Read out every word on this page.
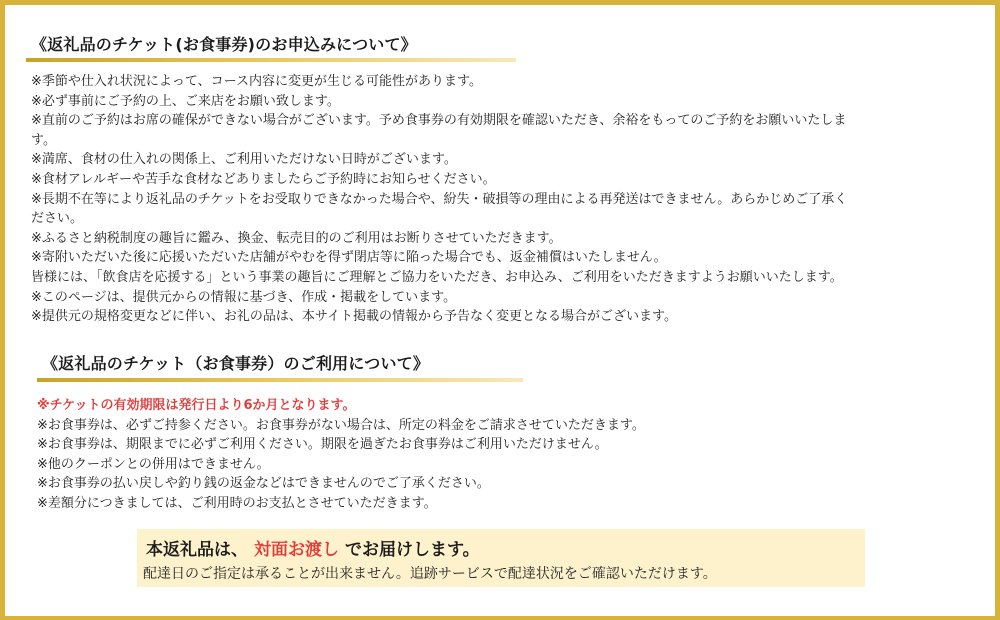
《返礼品のチケット(お食事券)のお申込みについて》
※季節や仕入れ状況によって、コース内容に変更が生じる可能性があります。
※必ず事前にご予約の上、ご来店をお願い致します。
※直前のご予約はお席の確保ができない場合がございます。予め食事券の有効期限を確認いただき、余裕をもってのご予約をお願いいたしま
す。
※満席、食材の仕入れの関係上、ご利用いただけない日時がございます。
※食材アレルギーや苦手な食材などありましたらご予約時にお知らせください。
※長期不在等により返礼品のチケットをお受取りできなかった場合や、紛失・破損等の理由による再発送はできません。あらかじめご了承く
ださい。
※ふるさと納税制度の趣旨に鑑み、換金、転売目的のご利用はお断りさせていただきます。
※寄附いただいた後に応援いただいた店舗がやむを得ず閉店等に陥った場合でも、返金補償はいたしません。
皆様には、「飲食店を応援する」という事業の趣旨にご理解とご協力をいただき、お申込み、ご利用をいただきますようお願いいたします。
※このページは、提供元からの情報に基づき、作成・掲載をしています。
※提供元の規格変更などに伴い、お礼の品は、本サイト掲載の情報から予告なく変更となる場合がございます。
《返礼品のチケット（お食事券）のご利用について》
※チケットの有効期限は発行日より6か月となります。
※お食事券は、必ずご持参ください。お食事券がない場合は、所定の料金をご請求させていただきます。
※お食事券は、期限までに必ずご利用ください。期限を過ぎたお食事券はご利用いただけません。
※他のクーポンとの併用はできません。
※お食事券の払い戻しや釣り銭の返金などはできませんのでご了承ください。
※差額分につきましては、ご利用時のお支払とさせていただきます。
本返礼品は、 対面お渡し でお届けします。
配達日のご指定は承ることが出来ません。追跡サービスで配達状況をご確認いただけます。
